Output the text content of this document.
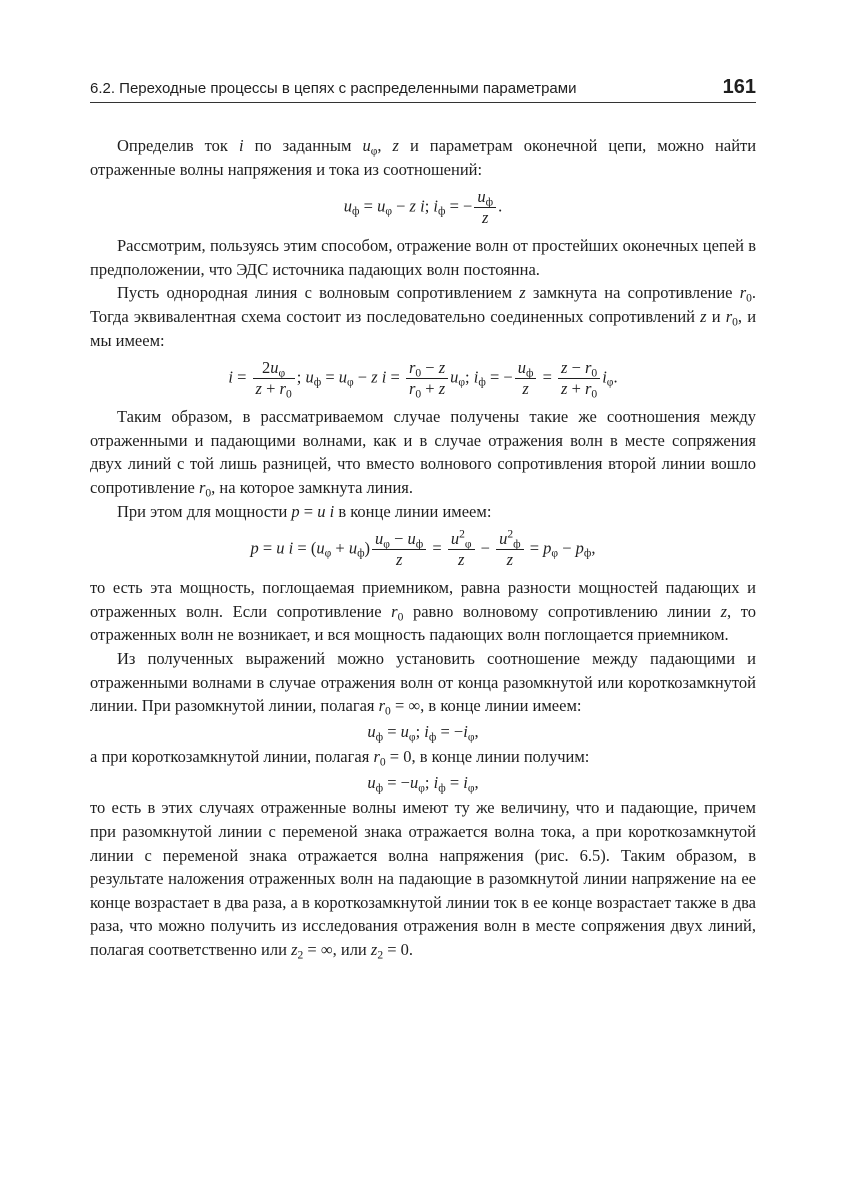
6.2. Переходные процессы в цепях с распределенными параметрами	161

Определив ток i по заданным $u_\varphi$, z и параметрам оконечной цепи, можно найти отраженные волны напряжения и тока из соотношений:

$u_ф = u_\varphi - z$ i; $i_ф$ = − $\frac{u_ф}{z}$ .

Рассмотрим, пользуясь этим способом, отражение волн от простейших оконечных цепей в предположении, что ЭДС источника падающих волн постоянна.

Пусть однородная линия с волновым сопротивлением z замкнута на сопротивление $r_0$. Тогда эквивалентная схема состоит из последовательно соединенных сопротивлений z и $r_0$, и мы имеем:

$i = \frac{2u_\varphi}{z + r_0}$ ; $u_ф = u_\varphi - z$ $i = \frac{r_0 - z}{r_0 + z} u_\varphi$; $i_ф$ = − $\frac{u_ф}{z} = \frac{z - r_0}{z + r_0} i_\varphi$.

Таким образом, в рассматриваемом случае получены такие же соотношения между отраженными и падающими волнами, как и в случае отражения волн в месте сопряжения двух линий с той лишь разницей, что вместо волнового сопротивления второй линии вошло сопротивление $r_0$, на которое замкнута линия.

При этом для мощности p = u i в конце линии имеем:

p = u $i = (u_\varphi + u_ф) \frac{u_\varphi - u_ф}{z} = \frac{u^2_\varphi}{z} - \frac{u^2_ф}{z} = p_\varphi - p_ф$,

то есть эта мощность, поглощаемая приемником, равна разности мощностей падающих и отраженных волн. Если сопротивление $r_0$ равно волновому сопротивлению линии z, то отраженных волн не возникает, и вся мощность падающих волн поглощается приемником.

Из полученных выражений можно установить соотношение между падающими и отраженными волнами в случае отражения волн от конца разомкнутой или короткозамкнутой линии. При разомкнутой линии, полагая $r_0$ = ∞, в конце линии имеем:

$u_ф = u_\varphi$; $i_ф = -i_\varphi$,

а при короткозамкнутой линии, полагая $r_0 = 0$, в конце линии получим:

$u_ф = -u_\varphi$; $i_ф = i_\varphi$,

то есть в этих случаях отраженные волны имеют ту же величину, что и падающие, причем при разомкнутой линии с переменой знака отражается волна тока, а при короткозамкнутой линии с переменой знака отражается волна напряжения (рис. 6.5). Таким образом, в результате наложения отраженных волн на падающие в разомкнутой линии напряжение на ее конце возрастает в два раза, а в короткозамкнутой линии ток в ее конце возрастает также в два раза, что можно получить из исследования отражения волн в месте сопряжения двух линий, полагая соответственно или $z_2$ = ∞, или $z_2 = 0$.
